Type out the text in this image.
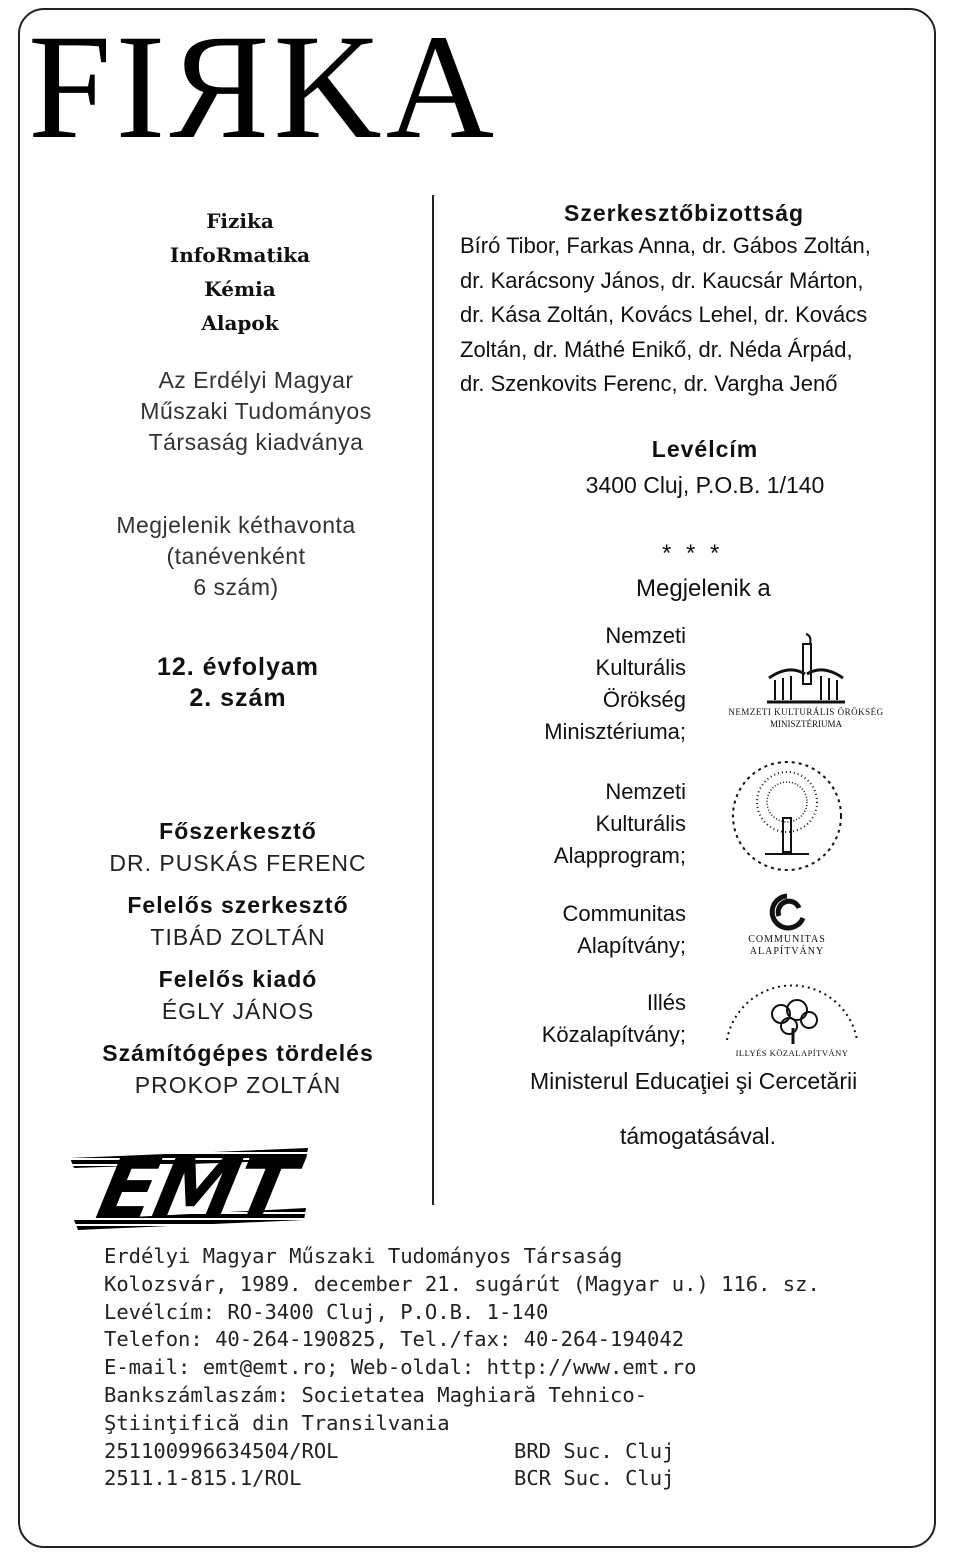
FIЯKA
Fizika
InfoRmatika
Kémia
Alapok
Az Erdélyi Magyar
Műszaki Tudományos
Társaság kiadványa
Megjelenik kéthavonta
(tanévenként
6 szám)
12. évfolyam
2. szám
Főszerkesztő
DR. PUSKÁS FERENC
Felelős szerkesztő
TIBÁD ZOLTÁN
Felelős kiadó
ÉGLY JÁNOS
Számítógépes tördelés
PROKOP ZOLTÁN
EMT
Szerkesztőbizottság
Bíró Tibor, Farkas Anna, dr. Gábos Zoltán,
dr. Karácsony János, dr. Kaucsár Márton,
dr. Kása Zoltán, Kovács Lehel, dr. Kovács
Zoltán, dr. Máthé Enikő, dr. Néda Árpád,
dr. Szenkovits Ferenc, dr. Vargha Jenő
Levélcím
3400 Cluj, P.O.B. 1/140
* * *
Megjelenik a
Nemzeti
Kulturális
Örökség
Minisztériuma;
NEMZETI KULTURÁLIS ÖRÖKSÉG
MINISZTÉRIUMA
Nemzeti
Kulturális
Alapprogram;
Communitas
Alapítvány;	COMMUNITAS
ALAPÍTVÁNY
Illés
Közalapítvány;
ILLYÉS KÖZALAPÍTVÁNY
Ministerul Educaţiei şi Cercetării
támogatásával.
Erdélyi Magyar Műszaki Tudományos Társaság
Kolozsvár, 1989. december 21. sugárút (Magyar u.) 116. sz.
Levélcím: RO-3400 Cluj, P.O.B. 1-140
Telefon: 40-264-190825, Tel./fax: 40-264-194042
E-mail: emt@emt.ro; Web-oldal: http://www.emt.ro
Bankszámlaszám: Societatea Maghiară Tehnico-
Ştiinţifică din Transilvania
251100996634504/ROL	BRD Suc. Cluj
2511.1-815.1/ROL	BCR Suc. Cluj
